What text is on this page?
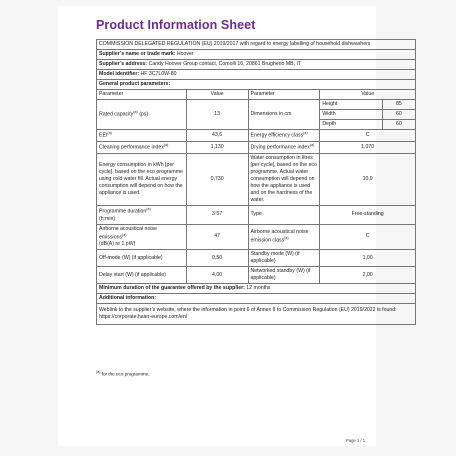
Product Information Sheet
COMMISSION DELEGATED REGULATION (EU) 2019/2017 with regard to energy labelling of household dishwashers
Supplier’s name or trade mark: Hoover
Supplier’s address: Candy Hoover Group contact, Comolli 16, 20861 Brugherio MB, IT
Model identifier: HF 3C7L0W-80
General product parameters:
Parameter	Value	Parameter	Value
Rated capacity$^{(a)}$ (ps)	13	Dimensions in cm	
Height	85
Width	60
Depth	60

EEI$^{(a)}$	43,6	Energy efficiency class$^{(a)}$	C
Cleaning performance index$^{(a)}$	1,130	Drying performance index$^{(a)}$	1,070
Energy consumption in kWh [per cycle], based on the eco programme using cold water fill. Actual energy consumption will depend on how the appliance is used.	0,730	Water consumption in litres [per cycle], based on the eco programme. Actual water consumption will depend on how the appliance is used and on the hardness of the water.	10,9
Programme duration$^{(a)}$
(h:min)	3:57	Type	Free-standing
Airborne acoustical noise emissions$^{(a)}$
(dB(A) re 1 pW)	47	Airborne acoustical noise emission class$^{(a)}$	C
Off-mode (W) (if applicable)	0,50	Standby mode (W) (if applicable)	1,00
Delay start (W) (if applicable)	4,00	Networked standby (W) (if applicable)	2,00
Minimum duration of the guarantee offered by the supplier: 12 months
Additional information:
Weblink to the supplier’s website, where the information in point 6 of Annex II to Commission Regulation (EU) 2019/2022 is found: https://corporate.haier-europe.com/en/
$^{(a)}$ for the eco programme.
Page 1 / 1
